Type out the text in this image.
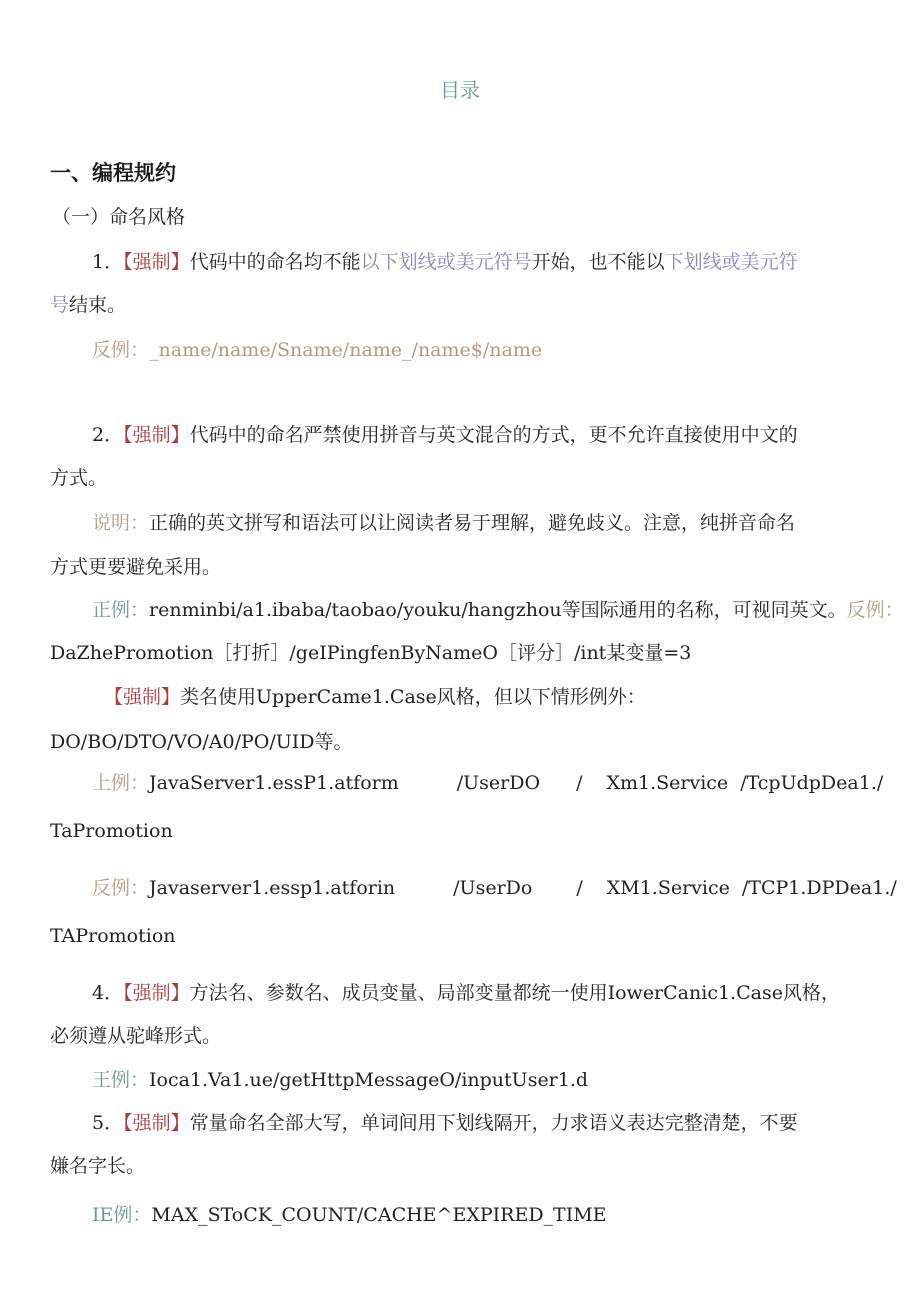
目录
一、编程规约
（一）命名风格
1．【强制】代码中的命名均不能以下划线或美元符号开始，也不能以下划线或美元符
号结束。
反例：_name/name/Sname/name_/name$/name
2．【强制】代码中的命名严禁使用拼音与英文混合的方式，更不允许直接使用中文的
方式。
说明：正确的英文拼写和语法可以让阅读者易于理解，避免歧义。注意，纯拼音命名
方式更要避免采用。
正例：renminbi/a1.ibaba/taobao/youku/hangzhou等国际通用的名称，可视同英文。反例：
DaZhePromotion［打折］/geIPingfenByNameO［评分］/int某变量=3
【强制】类名使用UpperCame1.Case风格，但以下情形例外：
DO/BO/DTO/VO/A0/PO/UID等。
上例：JavaServer1.essP1.atform	/UserDO / Xm1.Service /TcpUdpDea1./
TaPromotion
反例：Javaserver1.essp1.atforin	/UserDo / XM1.Service /TCP1.DPDea1./
TAPromotion
4．【强制】方法名、参数名、成员变量、局部变量都统一使用IowerCanic1.Case风格，
必须遵从驼峰形式。
王例：Ioca1.Va1.ue/getHttpMessageO/inputUser1.d
5．【强制】常量命名全部大写，单词间用下划线隔开，力求语义表达完整清楚，不要
嫌名字长。
IE例：MAX_SToCK_COUNT/CACHE^EXPIRED_TIME
